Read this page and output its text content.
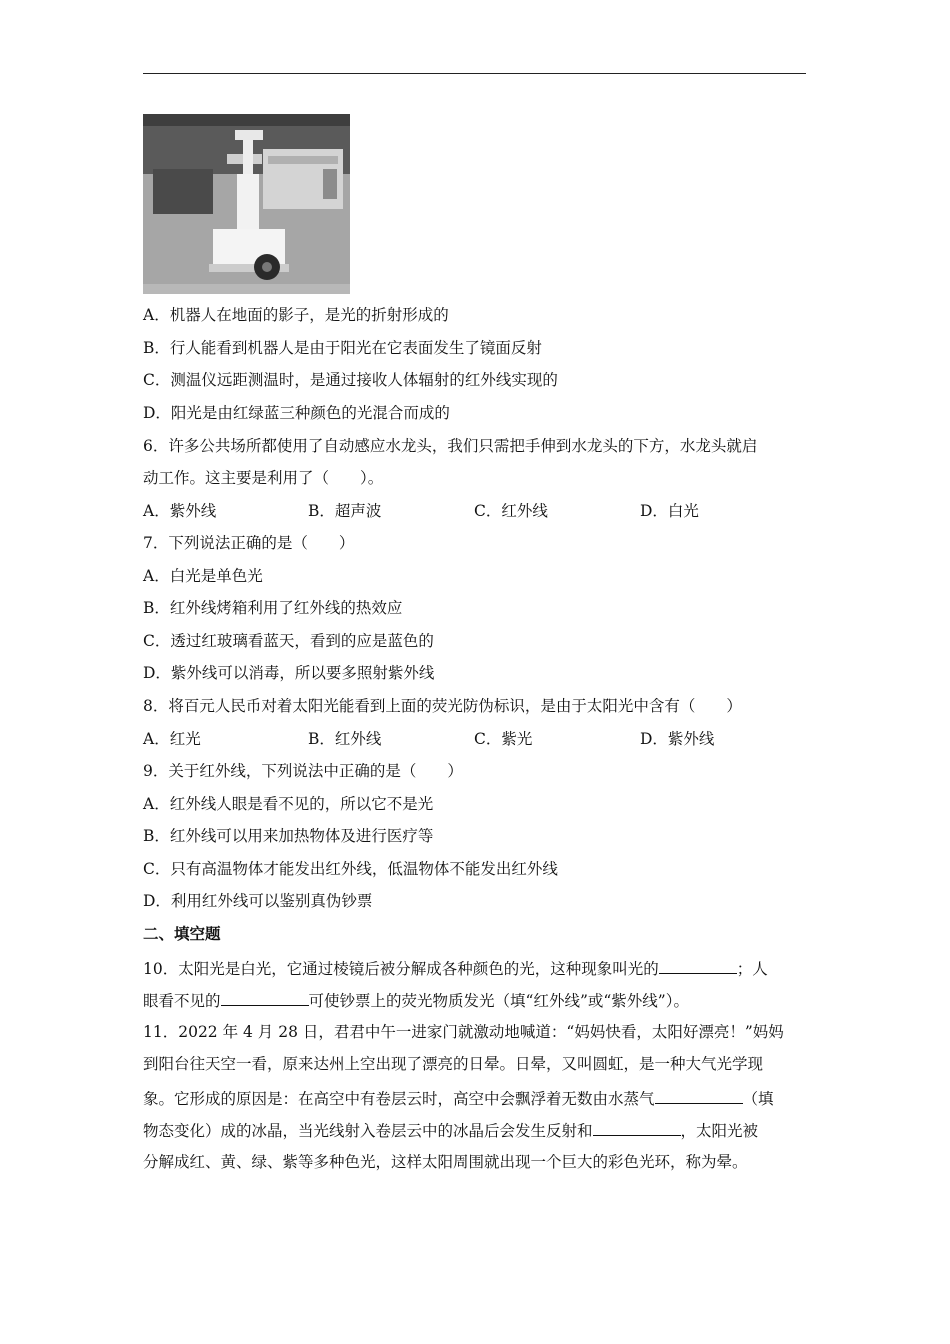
A．机器人在地面的影子，是光的折射形成的
B．行人能看到机器人是由于阳光在它表面发生了镜面反射
C．测温仪远距测温时，是通过接收人体辐射的红外线实现的
D．阳光是由红绿蓝三种颜色的光混合而成的
6．许多公共场所都使用了自动感应水龙头，我们只需把手伸到水龙头的下方，水龙头就启
动工作。这主要是利用了（　　）。
A．紫外线	B．超声波	C．红外线	D．白光
7．下列说法正确的是（　　）
A．白光是单色光
B．红外线烤箱利用了红外线的热效应
C．透过红玻璃看蓝天，看到的应是蓝色的
D．紫外线可以消毒，所以要多照射紫外线
8．将百元人民币对着太阳光能看到上面的荧光防伪标识，是由于太阳光中含有（　　）
A．红光	B．红外线	C．紫光	D．紫外线
9．关于红外线，下列说法中正确的是（　　）
A．红外线人眼是看不见的，所以它不是光
B．红外线可以用来加热物体及进行医疗等
C．只有高温物体才能发出红外线，低温物体不能发出红外线
D．利用红外线可以鉴别真伪钞票
二、填空题
10．太阳光是白光，它通过棱镜后被分解成各种颜色的光，这种现象叫光的	；人
眼看不见的	可使钞票上的荧光物质发光（填“红外线”或“紫外线”）。
11．2022 年 4 月 28 日，君君中午一进家门就激动地喊道：“妈妈快看，太阳好漂亮！”妈妈
到阳台往天空一看，原来达州上空出现了漂亮的日晕。日晕，又叫圆虹，是一种大气光学现
象。它形成的原因是：在高空中有卷层云时，高空中会飘浮着无数由水蒸气	（填
物态变化）成的冰晶，当光线射入卷层云中的冰晶后会发生反射和	，太阳光被
分解成红、黄、绿、紫等多种色光，这样太阳周围就出现一个巨大的彩色光环，称为晕。
